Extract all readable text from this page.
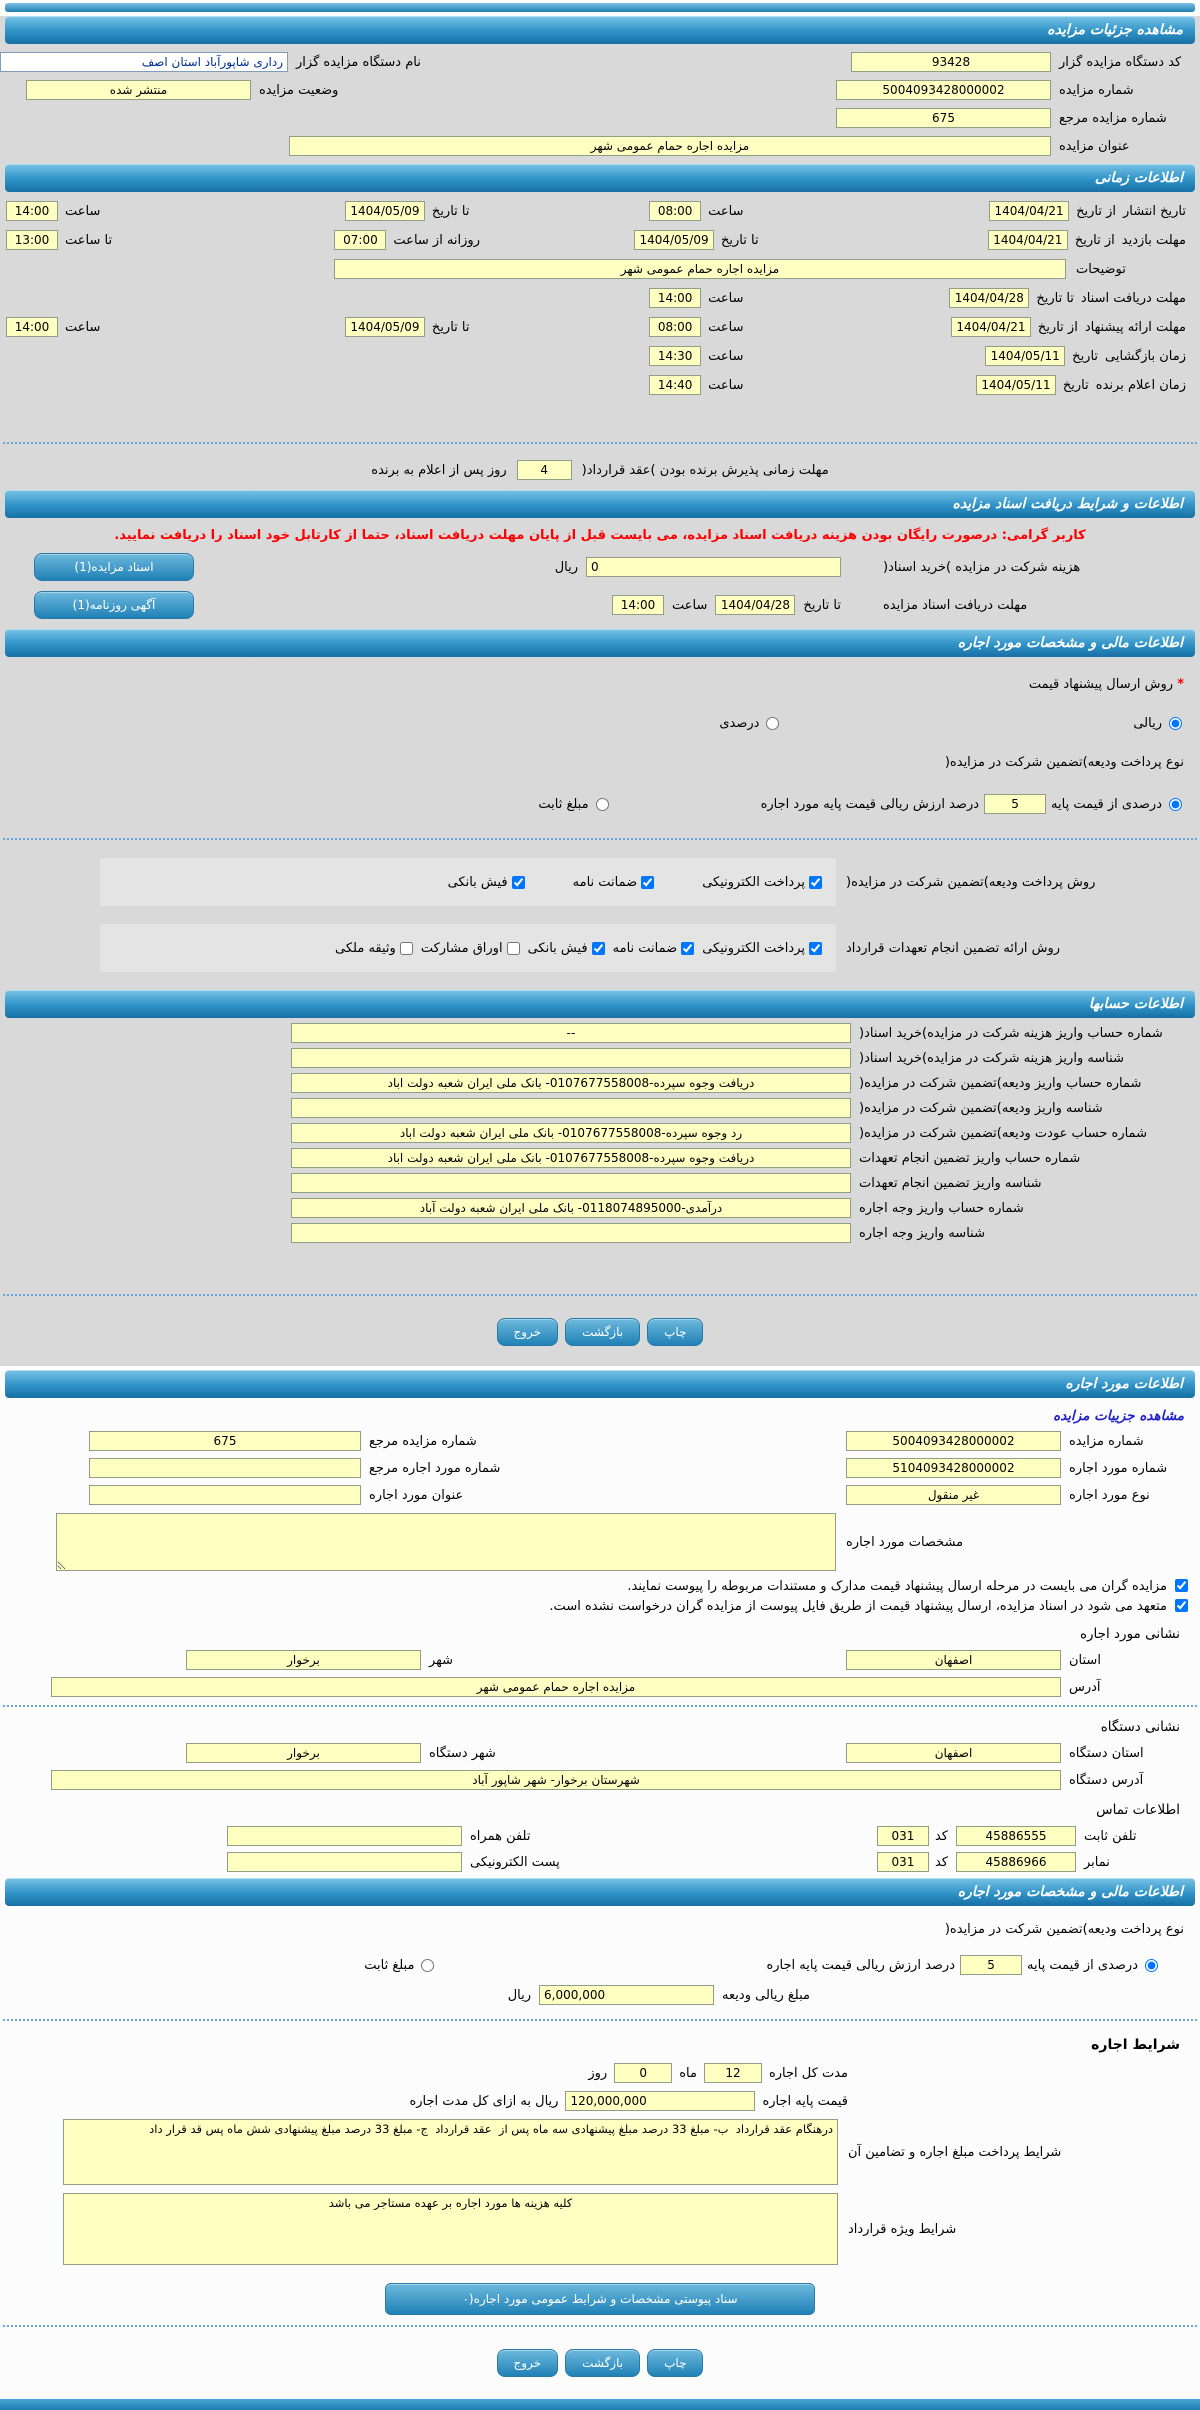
مشاهده جزئیات مزایده
کد دستگاه مزایده گزار
93428
نام دستگاه مزایده گزار
رداری شاپورآباد استان اصف
شماره مزایده
5004093428000002
وضعیت مزایده
منتشر شده
شماره مزایده مرجع
675
عنوان مزایده
مزایده اجاره حمام عمومی شهر
اطلاعات زمانی
تاریخ انتشار
از تاریخ
1404/04/21
ساعت
08:00
تا تاریخ
1404/05/09
ساعت
14:00
مهلت بازدید
از تاریخ
1404/04/21
تا تاریخ
1404/05/09
روزانه از ساعت
07:00
تا ساعت
13:00
توضیحات
مزایده اجاره حمام عمومی شهر
مهلت دریافت اسناد
تا تاریخ
1404/04/28
ساعت
14:00
مهلت ارائه پیشنهاد
از تاریخ
1404/04/21
ساعت
08:00
تا تاریخ
1404/05/09
ساعت
14:00
زمان بازگشایی
تاریخ
1404/05/11
ساعت
14:30
زمان اعلام برنده
تاریخ
1404/05/11
ساعت
14:40
مهلت زمانی پذیرش برنده بودن )عقد قرارداد(
4
روز پس از اعلام به برنده
اطلاعات و شرایط دریافت اسناد مزایده
کاربر گرامی: درصورت رایگان بودن هزینه دریافت اسناد مزایده، می بایست قبل از پایان مهلت دریافت اسناد، حتما از کارتابل خود اسناد را دریافت نمایید.
هزینه شرکت در مزایده )خرید اسناد(
0
ریال
اسناد مزایده(1)
مهلت دریافت اسناد مزایده
تا تاریخ
1404/04/28
ساعت
14:00
آگهی روزنامه(1)
اطلاعات مالی و مشخصات مورد اجاره
* روش ارسال پیشنهاد قیمت
ریالی
درصدی
نوع پرداخت ودیعه)تضمین شرکت در مزایده(
درصدی از قیمت پایه
5
درصد ارزش ریالی قیمت پایه مورد اجاره
مبلغ ثابت
روش پرداخت ودیعه)تضمین شرکت در مزایده(
پرداخت الکترونیکی
ضمانت نامه
فیش بانکی
روش ارائه تضمین انجام تعهدات قرارداد
پرداخت الکترونیکی
ضمانت نامه
فیش بانکی
اوراق مشارکت
وثیقه ملکی
اطلاعات حسابها
شماره حساب واریز هزینه شرکت در مزایده)خرید اسناد(
--
شناسه واریز هزینه شرکت در مزایده)خرید اسناد(
شماره حساب واریز ودیعه)تضمین شرکت در مزایده(
دریافت وجوه سپرده-0107677558008- بانک ملی ایران شعبه دولت اباد
شناسه واریز ودیعه)تضمین شرکت در مزایده(
شماره حساب عودت ودیعه)تضمین شرکت در مزایده(
رد وجوه سپرده-0107677558008- بانک ملی ایران شعبه دولت اباد
شماره حساب واریز تضمین انجام تعهدات
دریافت وجوه سپرده-0107677558008- بانک ملی ایران شعبه دولت اباد
شناسه واریز تضمین انجام تعهدات
شماره حساب واریز وجه اجاره
درآمدی-0118074895000- بانک ملی ایران شعبه دولت آباد
شناسه واریز وجه اجاره
چاپ
بازگشت
خروج
اطلاعات مورد اجاره
مشاهده جزییات مزایده
شماره مزایده
5004093428000002
شماره مزایده مرجع
675
شماره مورد اجاره
5104093428000002
شماره مورد اجاره مرجع
نوع مورد اجاره
غیر منقول
عنوان مورد اجاره
مشخصات مورد اجاره
مزایده گران می بایست در مرحله ارسال پیشنهاد قیمت مدارک و مستندات مربوطه را پیوست نمایند.
متعهد می شود در اسناد مزایده، ارسال پیشنهاد قیمت از طریق فایل پیوست از مزایده گران درخواست نشده است.
نشانی مورد اجاره
استان
اصفهان
شهر
برخوار
آدرس
مزایده اجاره حمام عمومی شهر
نشانی دستگاه
استان دستگاه
اصفهان
شهر دستگاه
برخوار
آدرس دستگاه
شهرستان برخوار- شهر شاپور آباد
اطلاعات تماس
تلفن ثابت
45886555
کد
031
تلفن همراه
نمابر
45886966
کد
031
پست الکترونیکی
اطلاعات مالی و مشخصات مورد اجاره
نوع پرداخت ودیعه)تضمین شرکت در مزایده(
درصدی از قیمت پایه
5
درصد ارزش ریالی قیمت پایه اجاره
مبلغ ثابت
مبلغ ریالی ودیعه
6,000,000
ریال
شرایط اجاره
مدت کل اجاره
12
ماه
0
روز
قیمت پایه اجاره
120,000,000
ریال به ازای کل مدت اجاره
شرایط پرداخت مبلغ اجاره و تضامین آن
درهنگام عقد قرارداد ب- مبلغ 33 درصد مبلغ پیشنهادی سه ماه پس از عقد قرارداد ج- مبلغ 33 درصد مبلغ پیشنهادی شش ماه پس قد قرار داد
شرایط ویژه قرارداد
کلیه هزینه ها مورد اجاره بر عهده مستاجر می باشد
سناد پیوستی مشخصات و شرایط عمومی مورد اجاره(٠
چاپ
بازگشت
خروج
